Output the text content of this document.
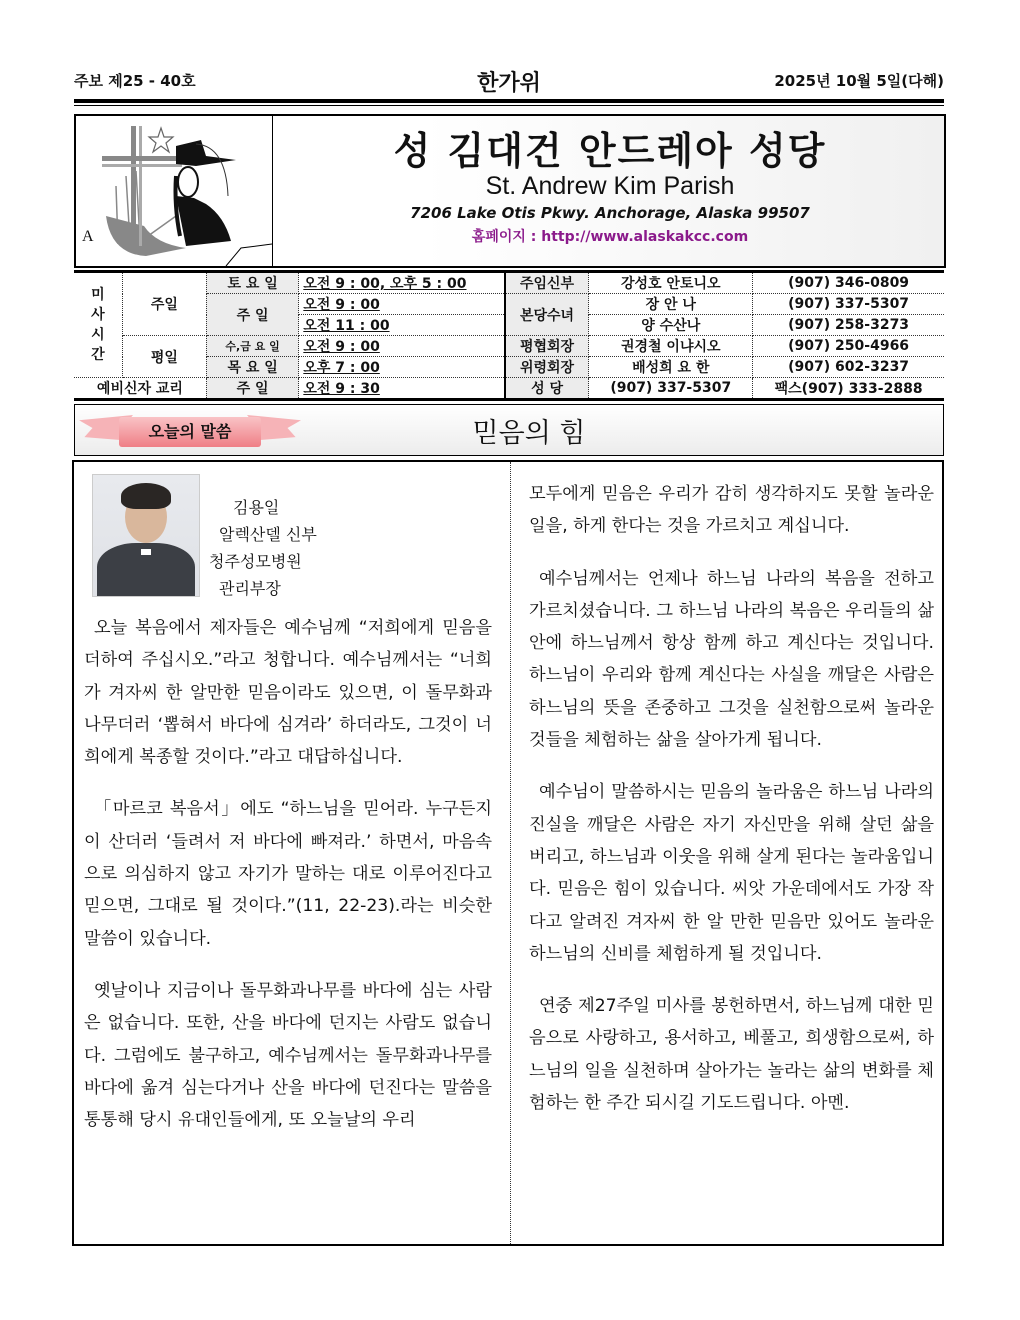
주보 제25 - 40호	한가위	2025년 10월 5일(다해)
A
성 김대건 안드레아 성당
St. Andrew Kim Parish
7206 Lake Otis Pkwy. Anchorage, Alaska 99507
홈페이지 : http://www.alaskakcc.com
미
사
시
간	주일	토 요 일	오전 9 : 00, 오후 5 : 00	주임신부	강성호 안토니오	(907) 346-0809
		주 일	오전 9 : 00	본당수녀	장 안 나	(907) 337-5307
			오전 11 : 00		양 수산나	(907) 258-3273
	평일	수,금 요 일	오전 9 : 00	평협회장	권경철 이냐시오	(907) 250-4966
		목 요 일	오후 7 : 00	위령회장	배성희 요 한	(907) 602-3237
예비신자 교리		주 일	오전 9 : 30	성 당	(907) 337-5307	팩스(907) 333-2888
오늘의 말씀	믿음의 힘
김용일
알렉산델 신부
청주성모병원
관리부장

오늘 복음에서 제자들은 예수님께 “저희에게 믿음을 더하여 주십시오.”라고 청합니다. 예수님께서는 “너희가 겨자씨 한 알만한 믿음이라도 있으면, 이 돌무화과 나무더러 ‘뽑혀서 바다에 심겨라’ 하더라도, 그것이 너희에게 복종할 것이다.”라고 대답하십니다.

「마르코 복음서」에도 “하느님을 믿어라. 누구든지 이 산더러 ‘들려서 저 바다에 빠져라.’ 하면서, 마음속으로 의심하지 않고 자기가 말하는 대로 이루어진다고 믿으면, 그대로 될 것이다.”(11, 22-23).라는 비슷한 말씀이 있습니다.

옛날이나 지금이나 돌무화과나무를 바다에 심는 사람은 없습니다. 또한, 산을 바다에 던지는 사람도 없습니다. 그럼에도 불구하고, 예수님께서는 돌무화과나무를 바다에 옮겨 심는다거나 산을 바다에 던진다는 말씀을 통통해 당시 유대인들에게, 또 오늘날의 우리

모두에게 믿음은 우리가 감히 생각하지도 못할 놀라운 일을, 하게 한다는 것을 가르치고 계십니다.

예수님께서는 언제나 하느님 나라의 복음을 전하고 가르치셨습니다. 그 하느님 나라의 복음은 우리들의 삶 안에 하느님께서 항상 함께 하고 계신다는 것입니다. 하느님이 우리와 함께 계신다는 사실을 깨달은 사람은 하느님의 뜻을 존중하고 그것을 실천함으로써 놀라운 것들을 체험하는 삶을 살아가게 됩니다.

예수님이 말씀하시는 믿음의 놀라움은 하느님 나라의 진실을 깨달은 사람은 자기 자신만을 위해 살던 삶을 버리고, 하느님과 이웃을 위해 살게 된다는 놀라움입니다. 믿음은 힘이 있습니다. 씨앗 가운데에서도 가장 작다고 알려진 겨자씨 한 알 만한 믿음만 있어도 놀라운 하느님의 신비를 체험하게 될 것입니다.

연중 제27주일 미사를 봉헌하면서, 하느님께 대한 믿음으로 사랑하고, 용서하고, 베풀고, 희생함으로써, 하느님의 일을 실천하며 살아가는 놀라는 삶의 변화를 체험하는 한 주간 되시길 기도드립니다. 아멘.
